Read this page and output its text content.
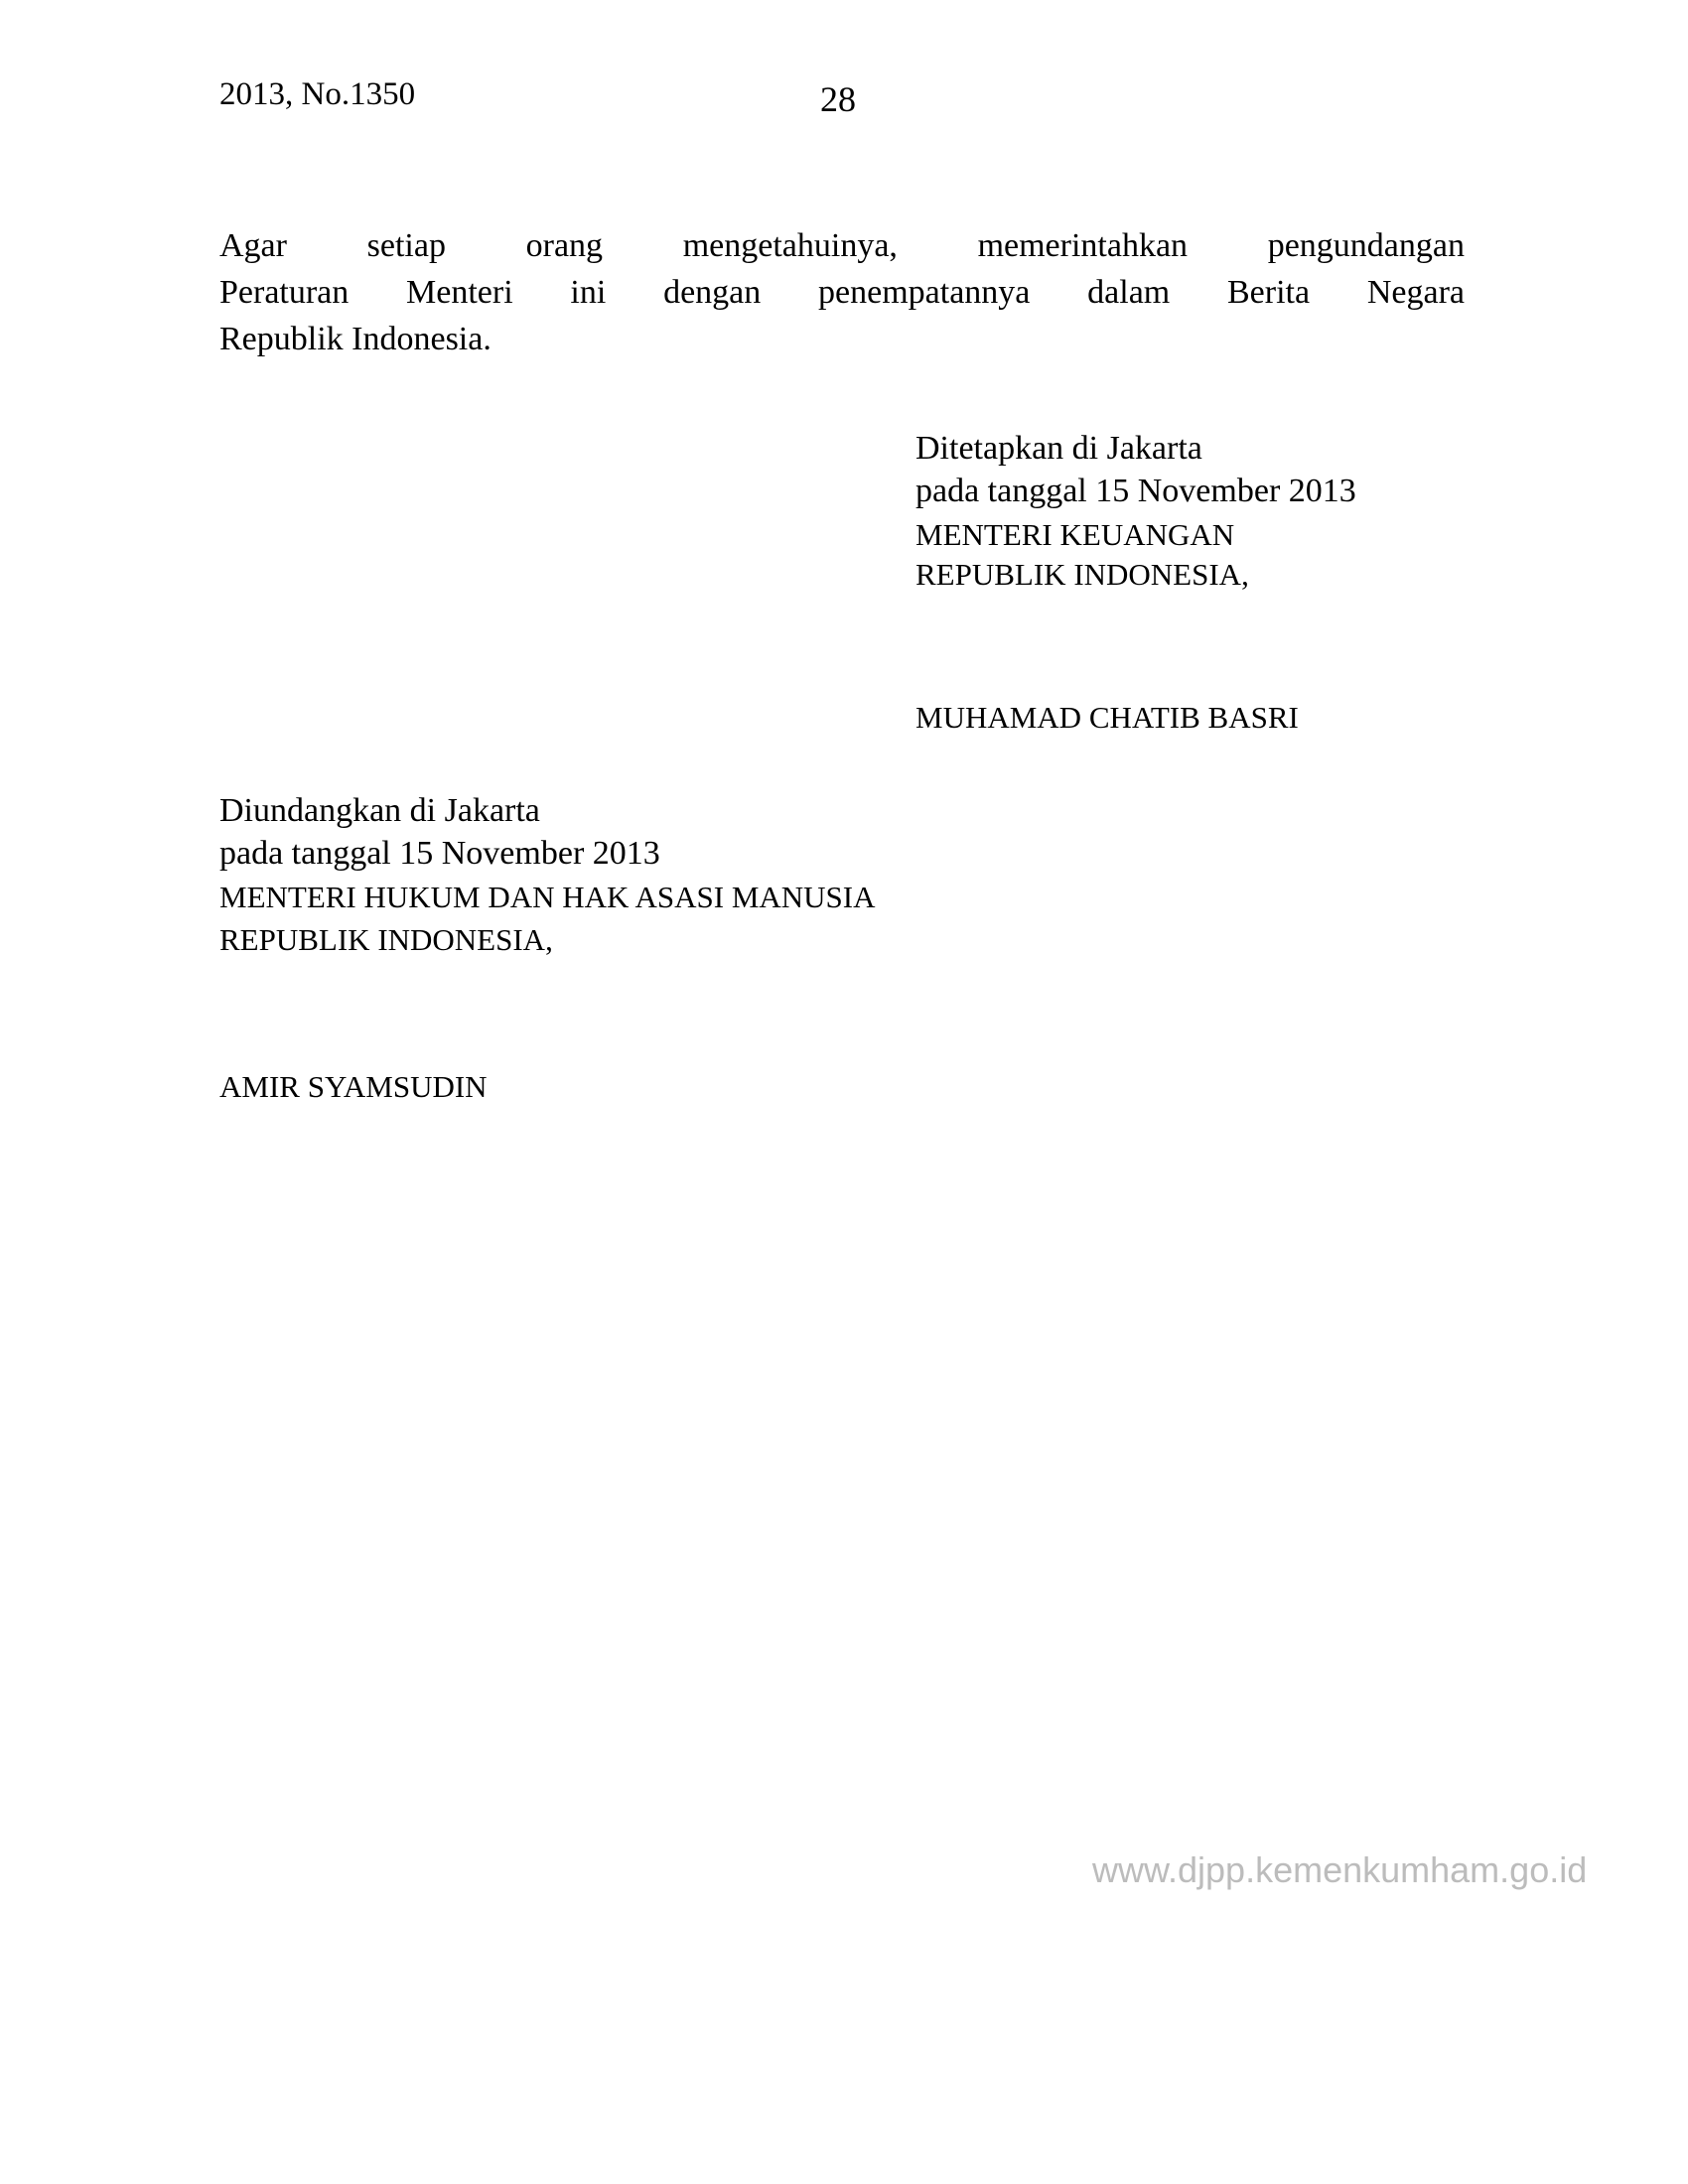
2013, No.1350	28
Agar setiap orang mengetahuinya, memerintahkan pengundangan
Peraturan Menteri ini dengan penempatannya dalam Berita Negara
Republik Indonesia.
Ditetapkan di Jakarta
pada tanggal 15 November 2013
MENTERI KEUANGAN
REPUBLIK INDONESIA,
MUHAMAD CHATIB BASRI
Diundangkan di Jakarta
pada tanggal 15 November 2013
MENTERI HUKUM DAN HAK ASASI MANUSIA
REPUBLIK INDONESIA,
AMIR SYAMSUDIN
www.djpp.kemenkumham.go.id
